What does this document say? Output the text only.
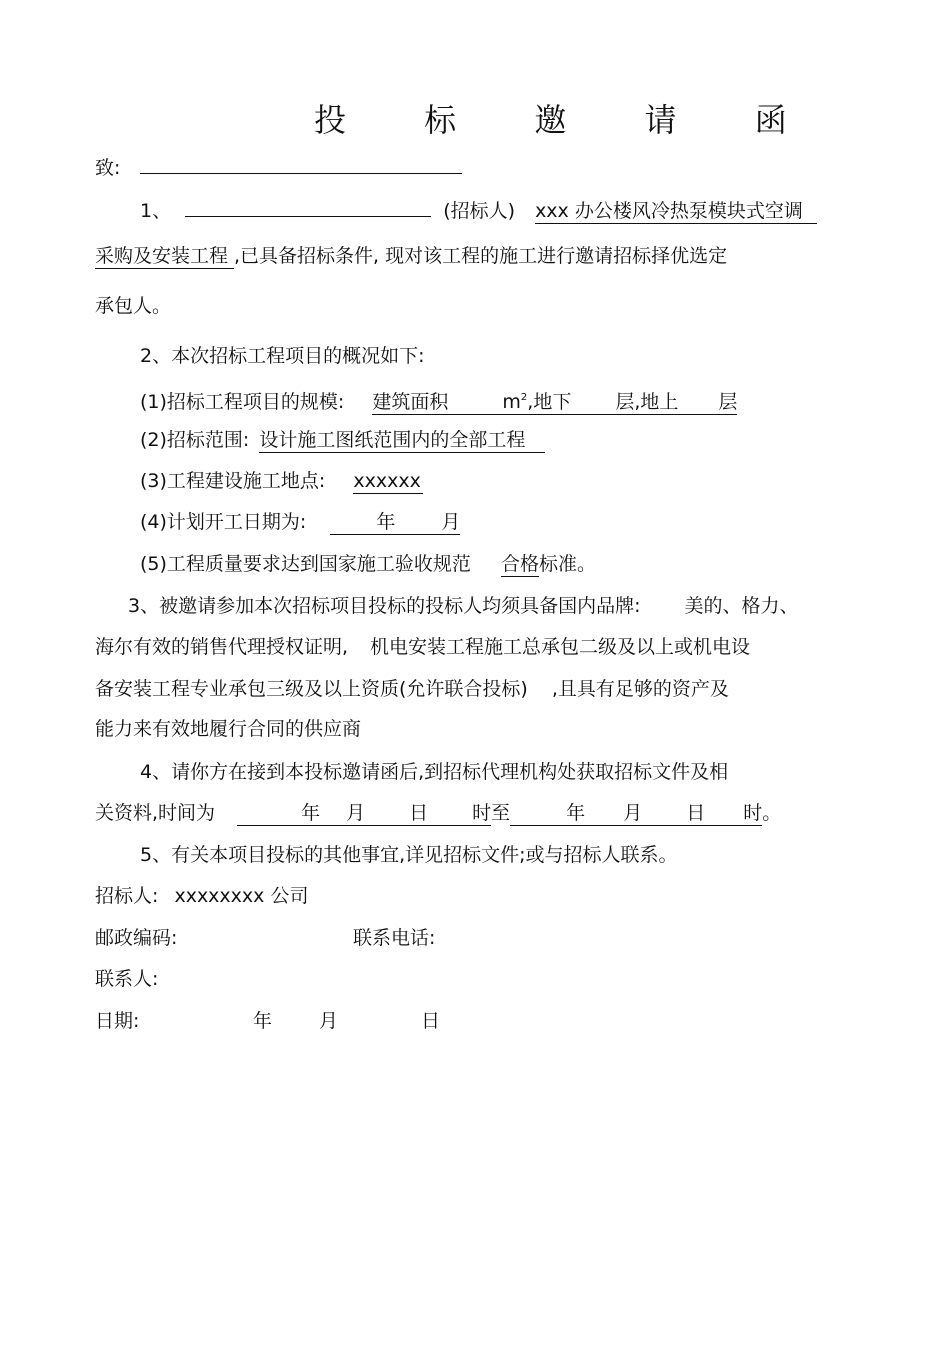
投 标 邀 请 函
致:
1、	(招标人) xxx 办公楼风冷热泵模块式空调
采购及安装工程 ,已具备招标条件, 现对该工程的施工进行邀请招标择优选定
承包人。
2、本次招标工程项目的概况如下:
(1)招标工程项目的规模: 建筑面积	$m^2$,地下 层,地上 层
(2)招标范围: 设计施工图纸范围内的全部工程
(3)工程建设施工地点: xxxxxx
(4)计划开工日期为:	年 月
(5)工程质量要求达到国家施工验收规范 合格标准。
3、被邀请参加本次招标项目投标的投标人均须具备国内品牌: 美的、格力、
海尔有效的销售代理授权证明, 机电安装工程施工总承包二级及以上或机电设
备安装工程专业承包三级及以上资质(允许联合投标) ,且具有足够的资产及
能力来有效地履行合同的供应商
4、请你方在接到本投标邀请函后,到招标代理机构处获取招标文件及相
关资料,时间为	年 月 日 时至	年 月 日 时。
5、有关本项目投标的其他事宜,详见招标文件;或与招标人联系。
招标人: xxxxxxxx 公司
邮政编码:	联系电话:
联系人:
日期:	年 月	日
